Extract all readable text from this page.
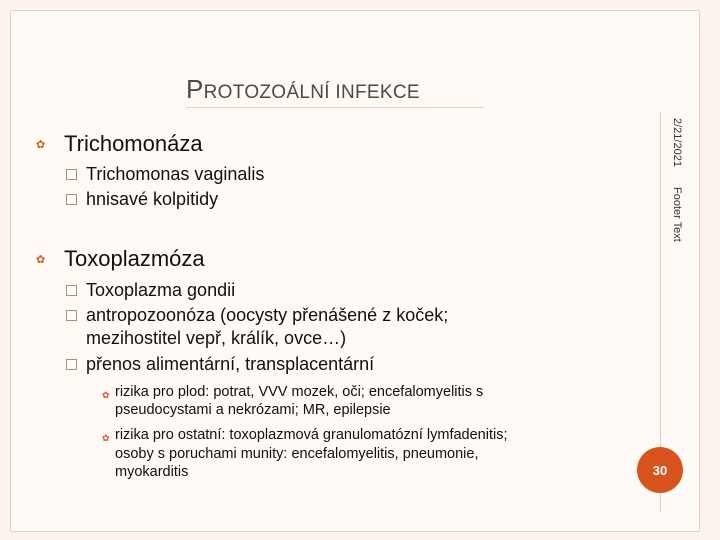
PROTOZOÁLNÍ INFEKCE
2/21/2021
Footer Text
✿ Trichomonáza
Trichomonas vaginalis
hnisavé kolpitidy
✿ Toxoplazmóza
Toxoplazma gondii
antropozoonóza (oocysty přenášené z koček;
mezihostitel vepř, králík, ovce…)
přenos alimentární, transplacentární
✿ rizika pro plod: potrat, VVV mozek, oči; encefalomyelitis s
pseudocystami a nekrózami; MR, epilepsie
✿ rizika pro ostatní: toxoplazmová granulomatózní lymfadenitis;
osoby s poruchami munity: encefalomyelitis, pneumonie,
myokarditis	30
